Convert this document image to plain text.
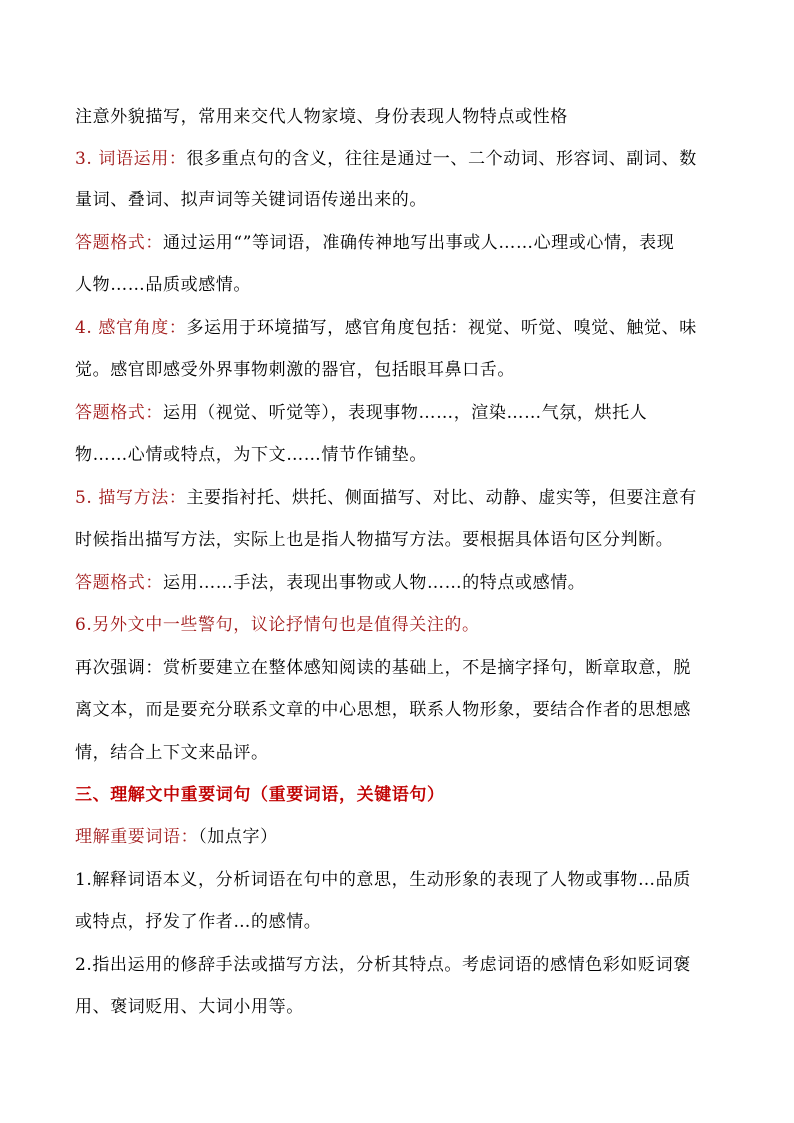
注意外貌描写，常用来交代人物家境、身份表现人物特点或性格
3. 词语运用：很多重点句的含义，往往是通过一、二个动词、形容词、副词、数
量词、叠词、拟声词等关键词语传递出来的。
答题格式：通过运用“”等词语，准确传神地写出事或人……心理或心情，表现
人物……品质或感情。
4. 感官角度：多运用于环境描写，感官角度包括：视觉、听觉、嗅觉、触觉、味
觉。感官即感受外界事物刺激的器官，包括眼耳鼻口舌。
答题格式：运用（视觉、听觉等），表现事物……，渲染……气氛，烘托人
物……心情或特点，为下文……情节作铺垫。
5. 描写方法：主要指衬托、烘托、侧面描写、对比、动静、虚实等，但要注意有
时候指出描写方法，实际上也是指人物描写方法。要根据具体语句区分判断。
答题格式：运用……手法，表现出事物或人物……的特点或感情。
6.另外文中一些警句，议论抒情句也是值得关注的。
再次强调：赏析要建立在整体感知阅读的基础上，不是摘字择句，断章取意，脱
离文本，而是要充分联系文章的中心思想，联系人物形象，要结合作者的思想感
情，结合上下文来品评。
三、理解文中重要词句（重要词语，关键语句）
理解重要词语：（加点字）
1.解释词语本义，分析词语在句中的意思，生动形象的表现了人物或事物…品质
或特点，抒发了作者…的感情。
2.指出运用的修辞手法或描写方法，分析其特点。考虑词语的感情色彩如贬词褒
用、褒词贬用、大词小用等。
